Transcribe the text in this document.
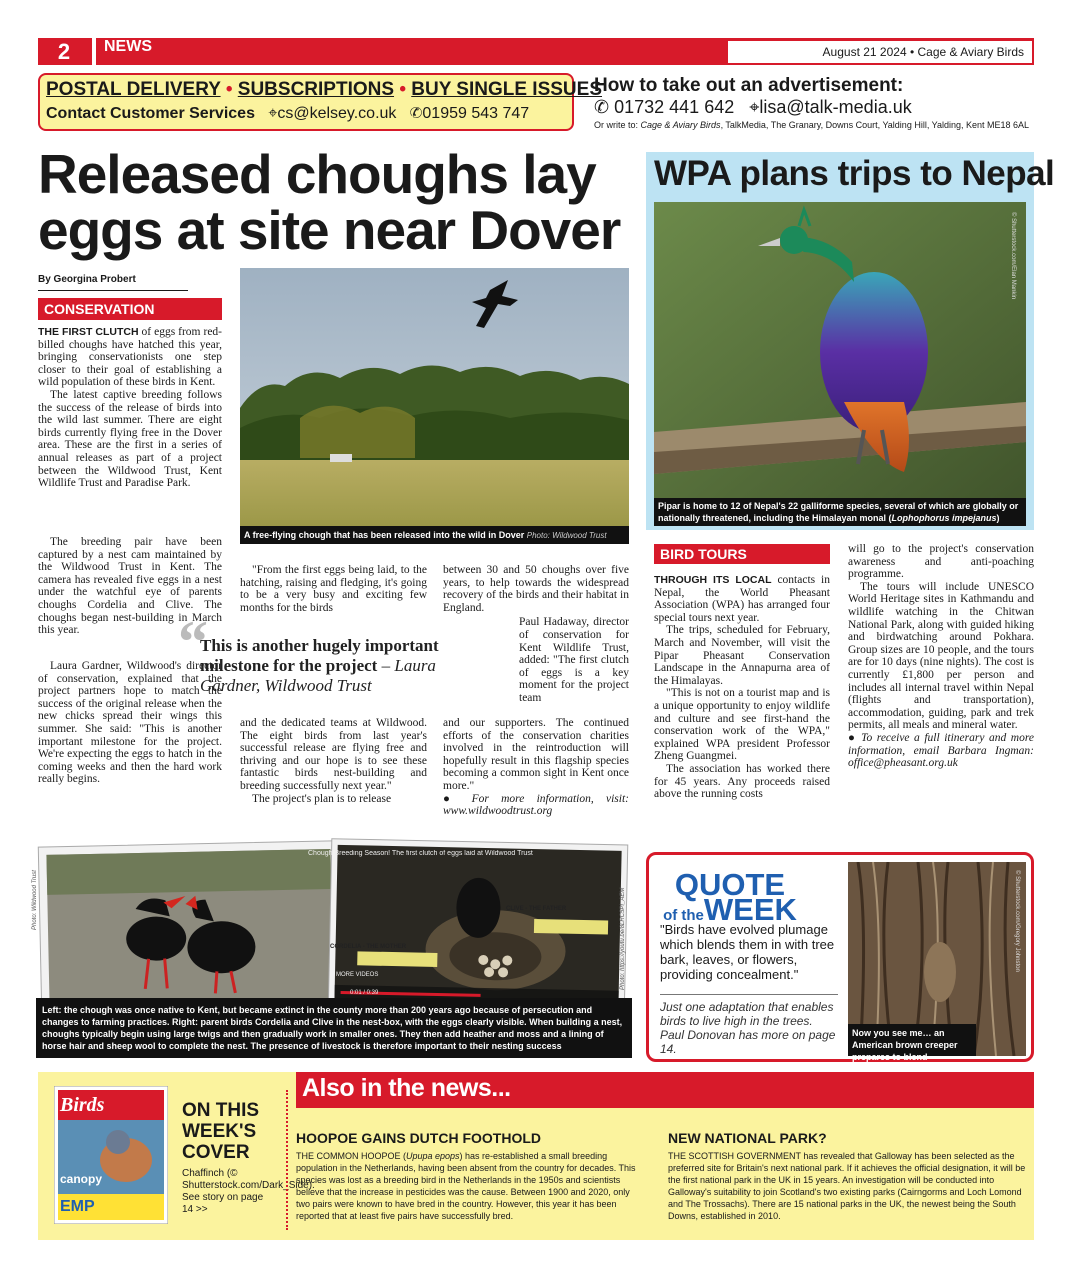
2	NEWS	August 21 2024 • Cage & Aviary Birds
POSTAL DELIVERY • SUBSCRIPTIONS • BUY SINGLE ISSUES
Contact Customer Services ⌖cs@kelsey.co.uk ✆01959 543 747
How to take out an advertisement:
✆ 01732 441 642 ⌖lisa@talk-media.uk
Or write to: Cage & Aviary Birds, TalkMedia, The Granary, Downs Court, Yalding Hill, Yalding, Kent ME18 6AL
Released choughs lay eggs at site near Dover
By Georgina Probert
CONSERVATION

THE FIRST CLUTCH of eggs from red-billed choughs have hatched this year, bringing conservationists one step closer to their goal of establishing a wild population of these birds in Kent.

The latest captive breeding follows the success of the release of birds into the wild last summer. There are eight birds currently flying free in the Dover area. These are the first in a series of annual releases as part of a project between the Wildwood Trust, Kent Wildlife Trust and Paradise Park.

The breeding pair have been captured by a nest cam maintained by the Wildwood Trust in Kent. The camera has revealed five eggs in a nest under the watchful eye of parents choughs Cordelia and Clive. The choughs began nest-building in March this year.

Laura Gardner, Wildwood's director of conservation, explained that the project partners hope to match the success of the original release when the new chicks spread their wings this summer. She said: "This is another important milestone for the project. We're expecting the eggs to hatch in the coming weeks and then the hard work really begins.

A free-flying chough that has been released into the wild in Dover Photo: Wildwood Trust

"From the first eggs being laid, to the hatching, raising and fledging, it's going to be a very busy and exciting few months for the birds

between 30 and 50 choughs over five years, to help towards the widespread recovery of the birds and their habitat in England.

Paul Hadaway, director of conservation for Kent Wildlife Trust, added: "The first clutch of eggs is a key moment for the project team

“
This is another hugely important milestone for the project – Laura Gardner, Wildwood Trust

and the dedicated teams at Wildwood. The eight birds from last year's successful release are flying free and thriving and our hope is to see these fantastic birds nest-building and breeding successfully next year."

The project's plan is to release

and our supporters. The continued efforts of the conservation charities involved in the reintroduction will hopefully result in this flagship species becoming a common sight in Kent once more."

● For more information, visit: www.wildwoodtrust.org

Chough Breeding Season! The first clutch of eggs laid at Wildwood Trust
CLIVE - THE FATHER
CORDELIA - THE MOTHER
MORE VIDEOS
0:01 / 0:39
Photo: Wildwood Trust	Photo: https://youtu.be/8LRC5PI_AEM
Left: the chough was once native to Kent, but became extinct in the county more than 200 years ago because of persecution and changes to farming practices. Right: parent birds Cordelia and Clive in the nest-box, with the eggs clearly visible. When building a nest, choughs typically begin using large twigs and then gradually work in smaller ones. They then add heather and moss and a lining of horse hair and sheep wool to complete the nest. The presence of livestock is therefore important to their nesting success
WPA plans trips to Nepal
© Shutterstock.com/Elan Mankin
Pipar is home to 12 of Nepal's 22 galliforme species, several of which are globally or nationally threatened, including the Himalayan monal (Lophophorus impejanus)
BIRD TOURS

THROUGH ITS LOCAL contacts in Nepal, the World Pheasant Association (WPA) has arranged four special tours next year.

The trips, scheduled for February, March and November, will visit the Pipar Pheasant Conservation Landscape in the Annapurna area of the Himalayas.

"This is not on a tourist map and is a unique opportunity to enjoy wildlife and culture and see first-hand the conservation work of the WPA," explained WPA president Professor Zheng Guangmei.

The association has worked there for 45 years. Any proceeds raised above the running costs

will go to the project's conservation awareness and anti-poaching programme.

The tours will include UNESCO World Heritage sites in Kathmandu and wildlife watching in the Chitwan National Park, along with guided hiking and birdwatching around Pokhara. Group sizes are 10 people, and the tours are for 10 days (nine nights). The cost is currently £1,800 per person and includes all internal travel within Nepal (flights and transportation), accommodation, guiding, park and trek permits, all meals and mineral water.

● To receive a full itinerary and more information, email Barbara Ingman: office@pheasant.org.uk

QUOTE
of theWEEK
"Birds have evolved plumage which blends them in with tree bark, leaves, or flowers, providing concealment."
Just one adaptation that enables birds to live high in the trees. Paul Donovan has more on page 14.
© Shutterstock.com/Gregory Johnston
Now you see me… an American brown creeper prepares to blend
Also in the news...
Birds
canopy
EMP
ON THIS WEEK'S COVER
Chaffinch (© Shutterstock.com/Dark_Side). See story on page 14 >>
HOOPOE GAINS DUTCH FOOTHOLD
THE COMMON HOOPOE (Upupa epops) has re-established a small breeding population in the Netherlands, having been absent from the country for decades. This species was lost as a breeding bird in the Netherlands in the 1950s and scientists believe that the increase in pesticides was the cause. Between 1900 and 2020, only two pairs were known to have bred in the country. However, this year it has been reported that at least five pairs have successfully bred.
NEW NATIONAL PARK?
THE SCOTTISH GOVERNMENT has revealed that Galloway has been selected as the preferred site for Britain's next national park. If it achieves the official designation, it will be the first national park in the UK in 15 years. An investigation will be conducted into Galloway's suitability to join Scotland's two existing parks (Cairngorms and Loch Lomond and The Trossachs). There are 15 national parks in the UK, the newest being the South Downs, established in 2010.
